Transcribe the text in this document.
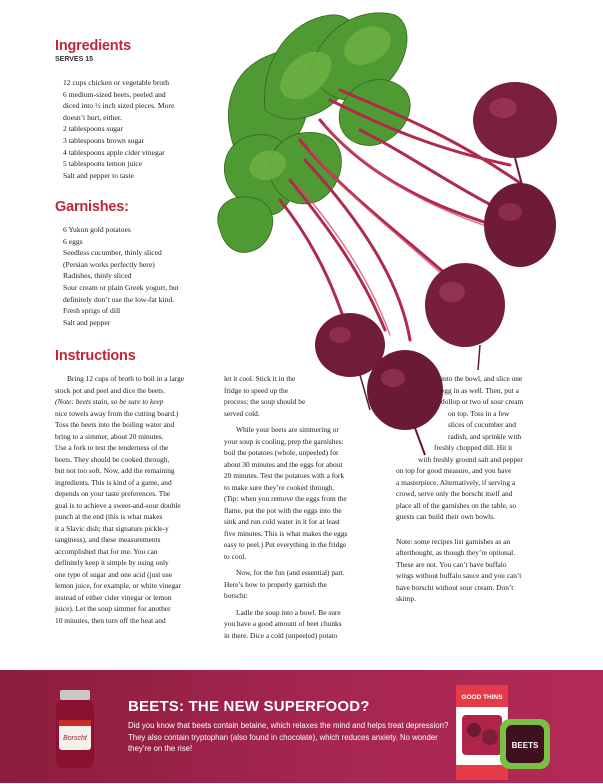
Ingredients
SERVES 15
12 cups chicken or vegetable broth
6 medium-sized beets, peeled and
diced into ½ inch sized pieces. More
doesn’t hurt, either.
2 tablespoons sugar
3 tablespoons brown sugar
4 tablespoons apple cider vinegar
5 tablespoons lemon juice
Salt and pepper to taste
Garnishes:
6 Yukon gold potatoes
6 eggs
Seedless cucumber, thinly sliced
(Persian works perfectly here)
Radishes, thinly sliced
Sour cream or plain Greek yogurt, but
definitely don’t use the low-fat kind.
Fresh sprigs of dill
Salt and pepper
Instructions

Bring 12 cups of broth to boil in a large

stock pot and peel and dice the beets.

(Note: beets stain, so be sure to keep

nice towels away from the cutting board.)

Toss the beets into the boiling water and

bring to a simmer, about 20 minutes.

Use a fork to test the tenderness of the

beets. They should be cooked through,

but not too soft. Now, add the remaining

ingredients. This is kind of a game, and

depends on your taste preferences. The

goal is to achieve a sweet-and-sour double

punch at the end (this is what makes

it a Slavic dish; that signature pickle-y

tanginess), and these measurements

accomplished that for me. You can

definitely keep it simple by using only

one type of sugar and one acid (just use

lemon juice, for example, or white vinegar

instead of either cider vinegar or lemon

juice). Let the soup simmer for another

10 minutes, then turn off the heat and

let it cool. Stick it in the

fridge to speed up the

process; the soup should be

served cold.

While your beets are simmering or

your soup is cooling, prep the garnishes:

boil the potatoes (whole, unpeeled) for

about 30 minutes and the eggs for about

20 minutes. Test the potatoes with a fork

to make sure they’re cooked through.

(Tip: when you remove the eggs from the

flame, put the pot with the eggs into the

sink and run cold water in it for at least

five minutes. This is what makes the eggs

easy to peel.) Put everything in the fridge

to cool.

Now, for the fun (and essential) part.

Here’s how to properly garnish the

borscht:

Ladle the soup into a bowl. Be sure

you have a good amount of beet chunks

in there. Dice a cold (unpeeled) potato

into the bowl, and slice one

egg in as well. Then, put a

dollop or two of sour cream

on top. Toss in a few

slices of cucumber and

radish, and sprinkle with

freshly chopped dill. Hit it

with freshly ground salt and pepper

on top for good measure, and you have

a masterpiece. Alternatively, if serving a

crowd, serve only the borscht itself and

place all of the garnishes on the table, so

guests can build their own bowls.

Note: some recipes list garnishes as an

afterthought, as though they’re optional.

These are not. You can’t have buffalo

wings without buffalo sauce and you can’t

have borscht without sour cream. Don’t

skimp.

BEETS: THE NEW SUPERFOOD?
Did you know that beets contain betaine, which relaxes the mind and helps treat depression? They also contain tryptophan (also found in chocolate), which reduces anxiety. No wonder they’re on the rise!
Borscht
GOOD THINS
BEETS
